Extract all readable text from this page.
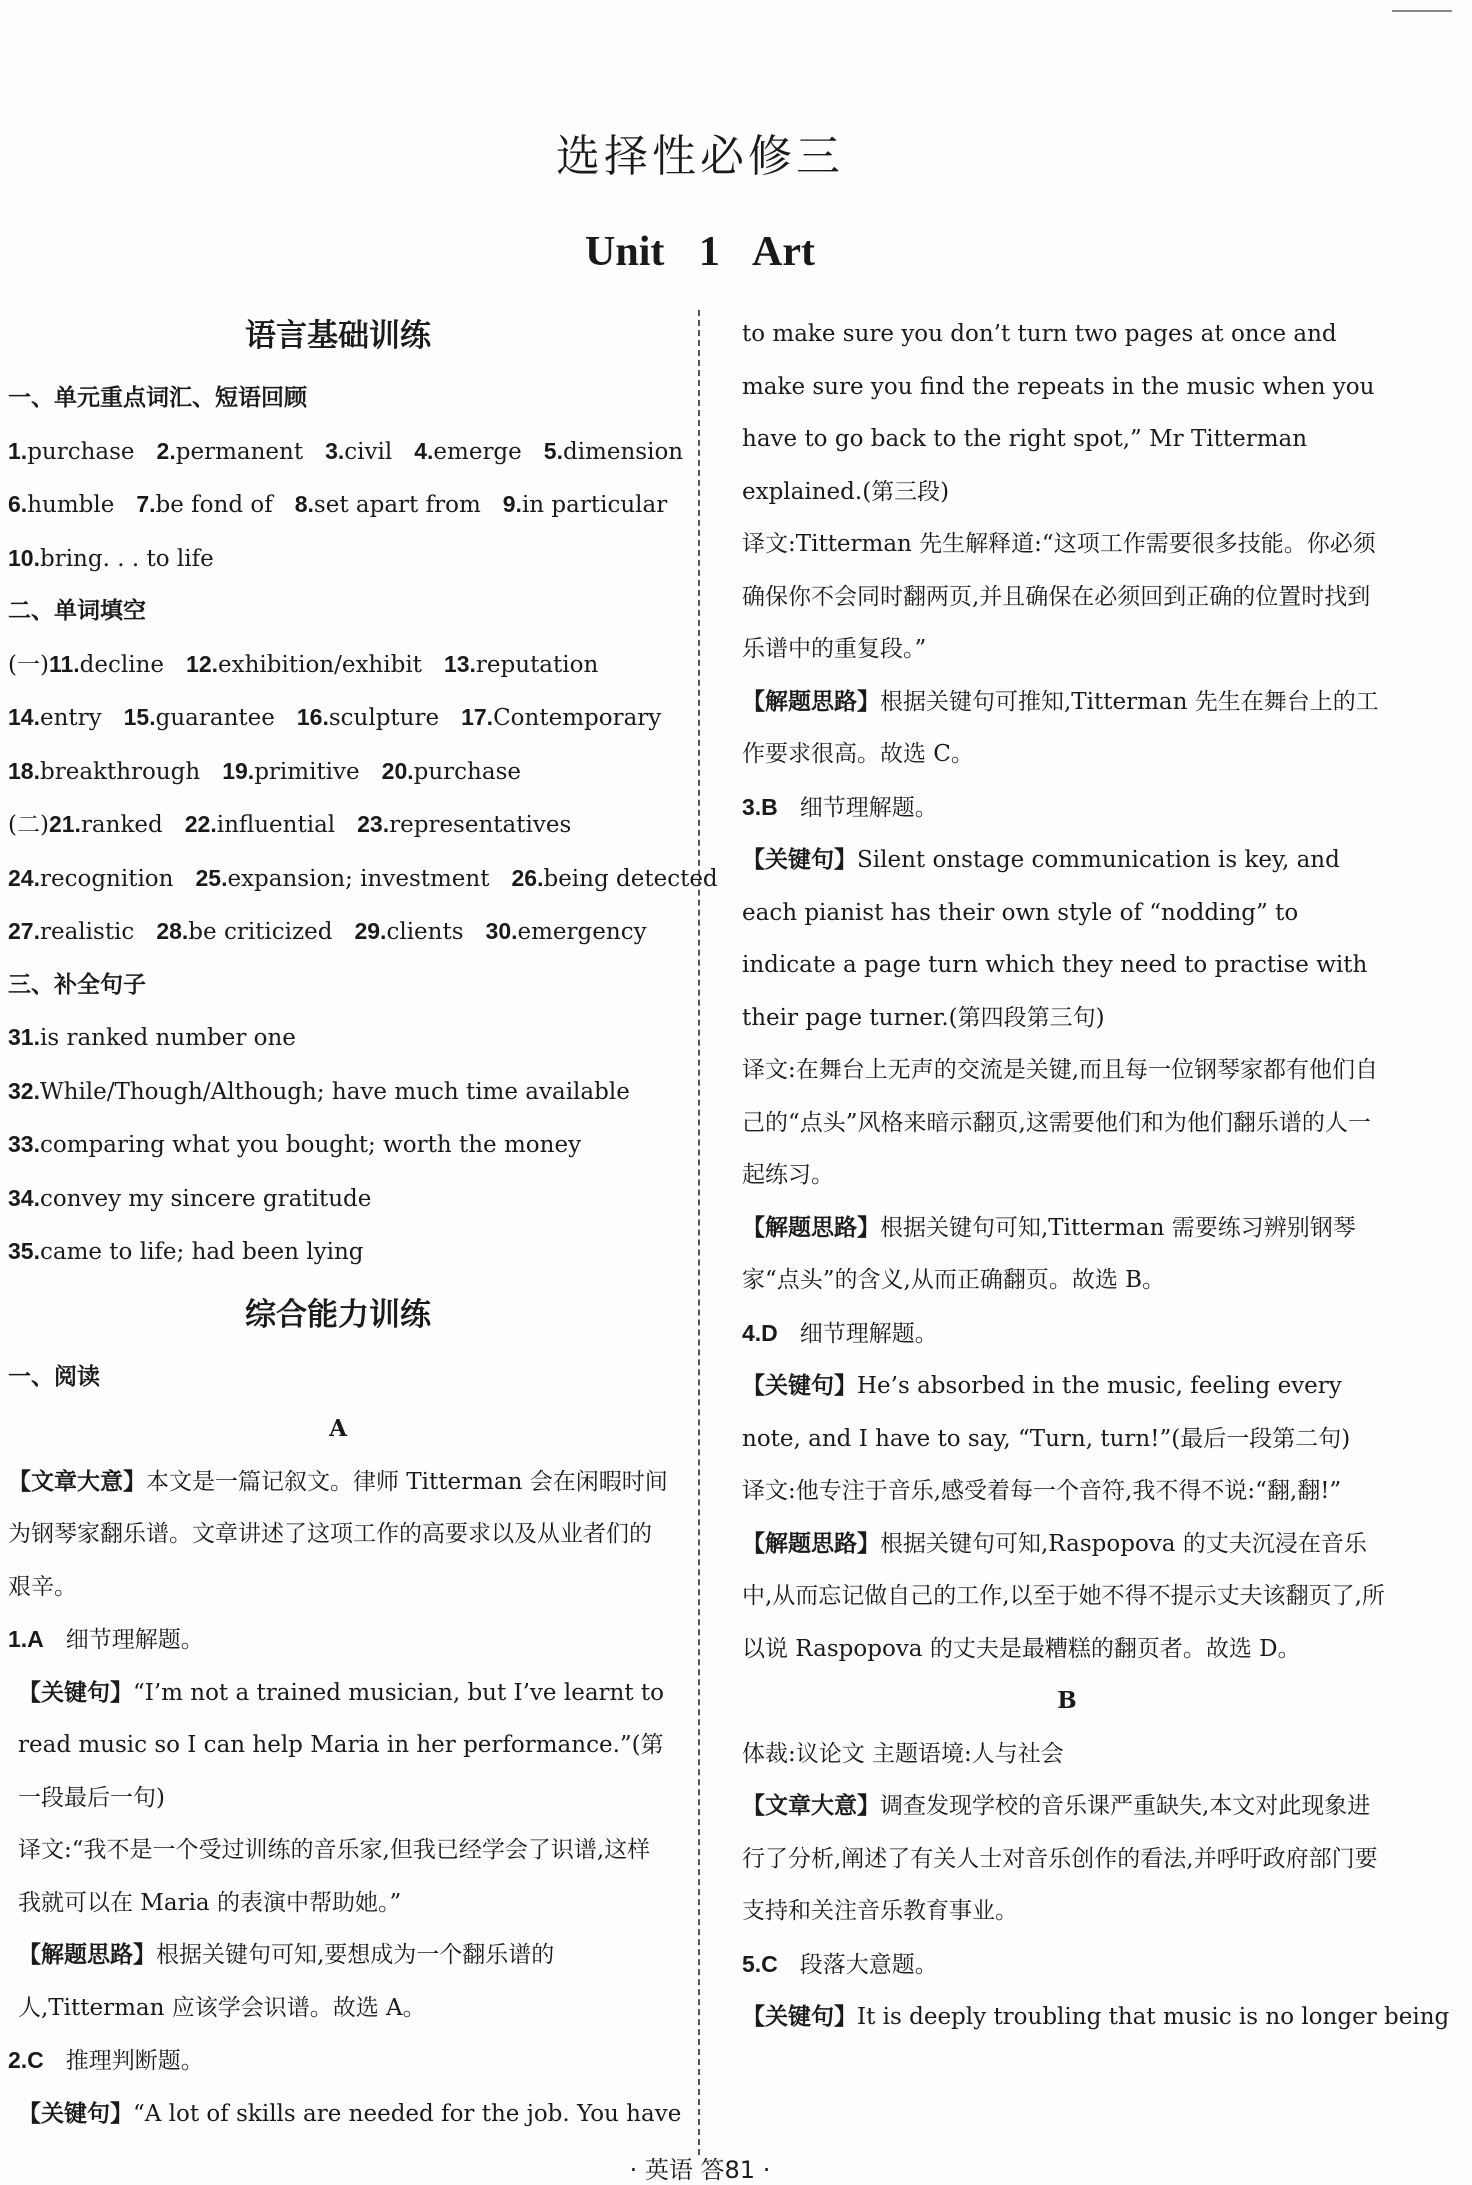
选择性必修三
Unit 1 Art
语言基础训练
一、单元重点词汇、短语回顾
1.purchase 2.permanent 3.civil 4.emerge 5.dimension
6.humble 7.be fond of 8.set apart from 9.in particular
10.bring. . . to life
二、单词填空
(一)11.decline 12.exhibition/exhibit 13.reputation
14.entry 15.guarantee 16.sculpture 17.Contemporary
18.breakthrough 19.primitive 20.purchase
(二)21.ranked 22.influential 23.representatives
24.recognition 25.expansion; investment 26.being detected
27.realistic 28.be criticized 29.clients 30.emergency
三、补全句子
31.is ranked number one
32.While/Though/Although; have much time available
33.comparing what you bought; worth the money
34.convey my sincere gratitude
35.came to life; had been lying
综合能力训练
一、阅读
A
【文章大意】本文是一篇记叙文。律师 Titterman 会在闲暇时间为钢琴家翻乐谱。文章讲述了这项工作的高要求以及从业者们的艰辛。
1.A 细节理解题。
【关键句】“I’m not a trained musician, but I’ve learnt to read music so I can help Maria in her performance.”(第一段最后一句)
译文:“我不是一个受过训练的音乐家,但我已经学会了识谱,这样我就可以在 Maria 的表演中帮助她。”
【解题思路】根据关键句可知,要想成为一个翻乐谱的人,Titterman 应该学会识谱。故选 A。
2.C 推理判断题。
【关键句】“A lot of skills are needed for the job. You have
to make sure you don’t turn two pages at once and make sure you find the repeats in the music when you have to go back to the right spot,” Mr Titterman explained.(第三段)
译文:Titterman 先生解释道:“这项工作需要很多技能。你必须确保你不会同时翻两页,并且确保在必须回到正确的位置时找到乐谱中的重复段。”
【解题思路】根据关键句可推知,Titterman 先生在舞台上的工作要求很高。故选 C。
3.B 细节理解题。
【关键句】Silent onstage communication is key, and each pianist has their own style of “nodding” to indicate a page turn which they need to practise with their page turner.(第四段第三句)
译文:在舞台上无声的交流是关键,而且每一位钢琴家都有他们自己的“点头”风格来暗示翻页,这需要他们和为他们翻乐谱的人一起练习。
【解题思路】根据关键句可知,Titterman 需要练习辨别钢琴家“点头”的含义,从而正确翻页。故选 B。
4.D 细节理解题。
【关键句】He’s absorbed in the music, feeling every note, and I have to say, “Turn, turn!”(最后一段第二句)
译文:他专注于音乐,感受着每一个音符,我不得不说:“翻,翻!”
【解题思路】根据关键句可知,Raspopova 的丈夫沉浸在音乐中,从而忘记做自己的工作,以至于她不得不提示丈夫该翻页了,所以说 Raspopova 的丈夫是最糟糕的翻页者。故选 D。
B
体裁:议论文 主题语境:人与社会
【文章大意】调查发现学校的音乐课严重缺失,本文对此现象进行了分析,阐述了有关人士对音乐创作的看法,并呼吁政府部门要支持和关注音乐教育事业。
5.C 段落大意题。
【关键句】It is deeply troubling that music is no longer being
· 英语 答81 ·
